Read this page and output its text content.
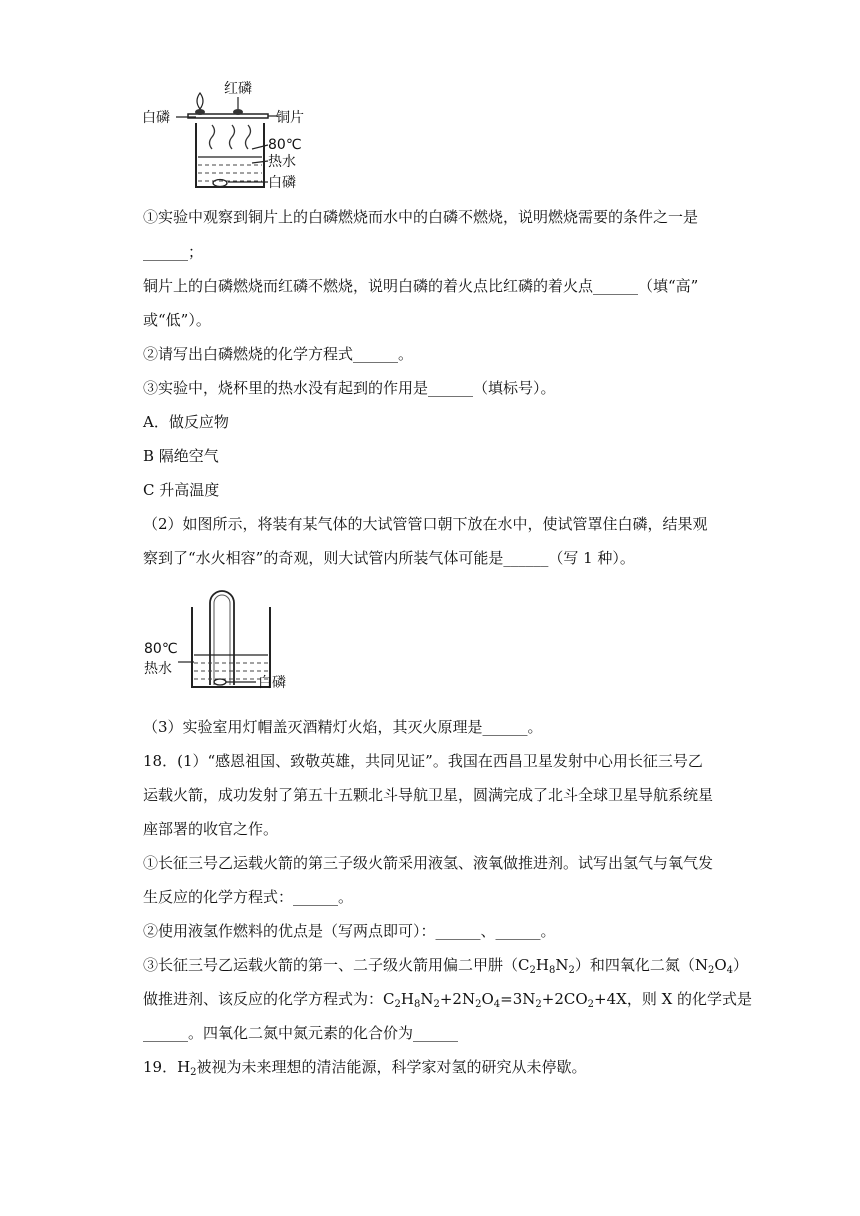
红磷
白磷	铜片
80℃
热水
白磷
①实验中观察到铜片上的白磷燃烧而水中的白磷不燃烧，说明燃烧需要的条件之一是
______；
铜片上的白磷燃烧而红磷不燃烧，说明白磷的着火点比红磷的着火点______（填“高”
或“低”）。
②请写出白磷燃烧的化学方程式______。
③实验中，烧杯里的热水没有起到的作用是______（填标号）。
A．做反应物
B 隔绝空气
C 升高温度
（2）如图所示，将装有某气体的大试管管口朝下放在水中，使试管罩住白磷，结果观
察到了“水火相容”的奇观，则大试管内所装气体可能是______（写 1 种）。
80℃
热水
白磷
（3）实验室用灯帽盖灭酒精灯火焰，其灭火原理是______。
18．(1）“感恩祖国、致敬英雄，共同见证”。我国在西昌卫星发射中心用长征三号乙
运载火箭，成功发射了第五十五颗北斗导航卫星，圆满完成了北斗全球卫星导航系统星
座部署的收官之作。
①长征三号乙运载火箭的第三子级火箭采用液氢、液氧做推进剂。试写出氢气与氧气发
生反应的化学方程式：______。
②使用液氢作燃料的优点是（写两点即可）：______、______。
③长征三号乙运载火箭的第一、二子级火箭用偏二甲肼$(C_2H_8N_2)$和四氧化二氮$(N_2O_4)$
做推进剂、该反应的化学方程式为：$C_2H_8N_2+2N_2O_4=3N_2+2CO_2+4X$，则 X 的化学式是
______。四氧化二氮中氮元素的化合价为______
19．$H_2$被视为未来理想的清洁能源，科学家对氢的研究从未停歇。
